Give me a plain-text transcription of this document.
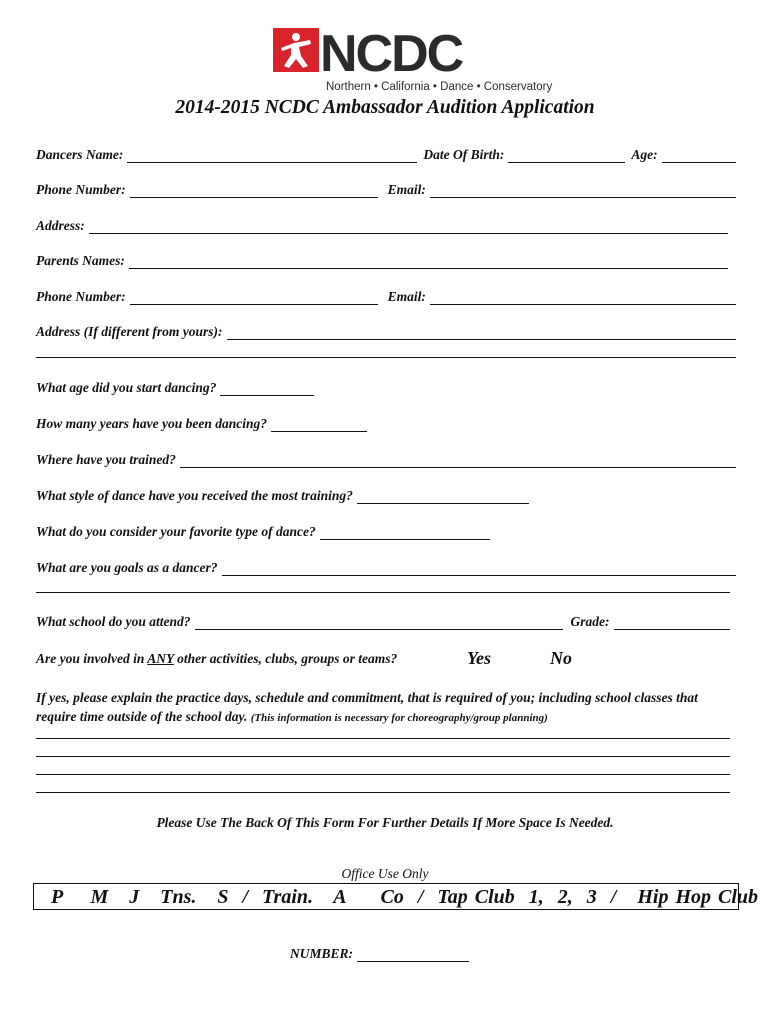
NCDC
Northern • California • Dance • Conservatory
2014-2015 NCDC Ambassador Audition Application
Dancers Name:	Date Of Birth:	Age:
Phone Number:	Email:
Address:
Parents Names:
Phone Number:	Email:
Address (If different from yours):
What age did you start dancing?
How many years have you been dancing?
Where have you trained?
What style of dance have you received the most training?
What do you consider your favorite type of dance?
What are you goals as a dancer?
What school do you attend?	Grade:
Are you involved in ANY other activities, clubs, groups or teams?	Yes	No
If yes, please explain the practice days, schedule and commitment, that is required of you; including school classes that require time outside of the school day. (This information is necessary for choreography/group planning)
Please Use The Back Of This Form For Further Details If More Space Is Needed.
Office Use Only
P    M   J   Tns.   S  /  Train.   A     Co  /  Tap Club  1,  2,  3  /   Hip Hop Club
NUMBER:
